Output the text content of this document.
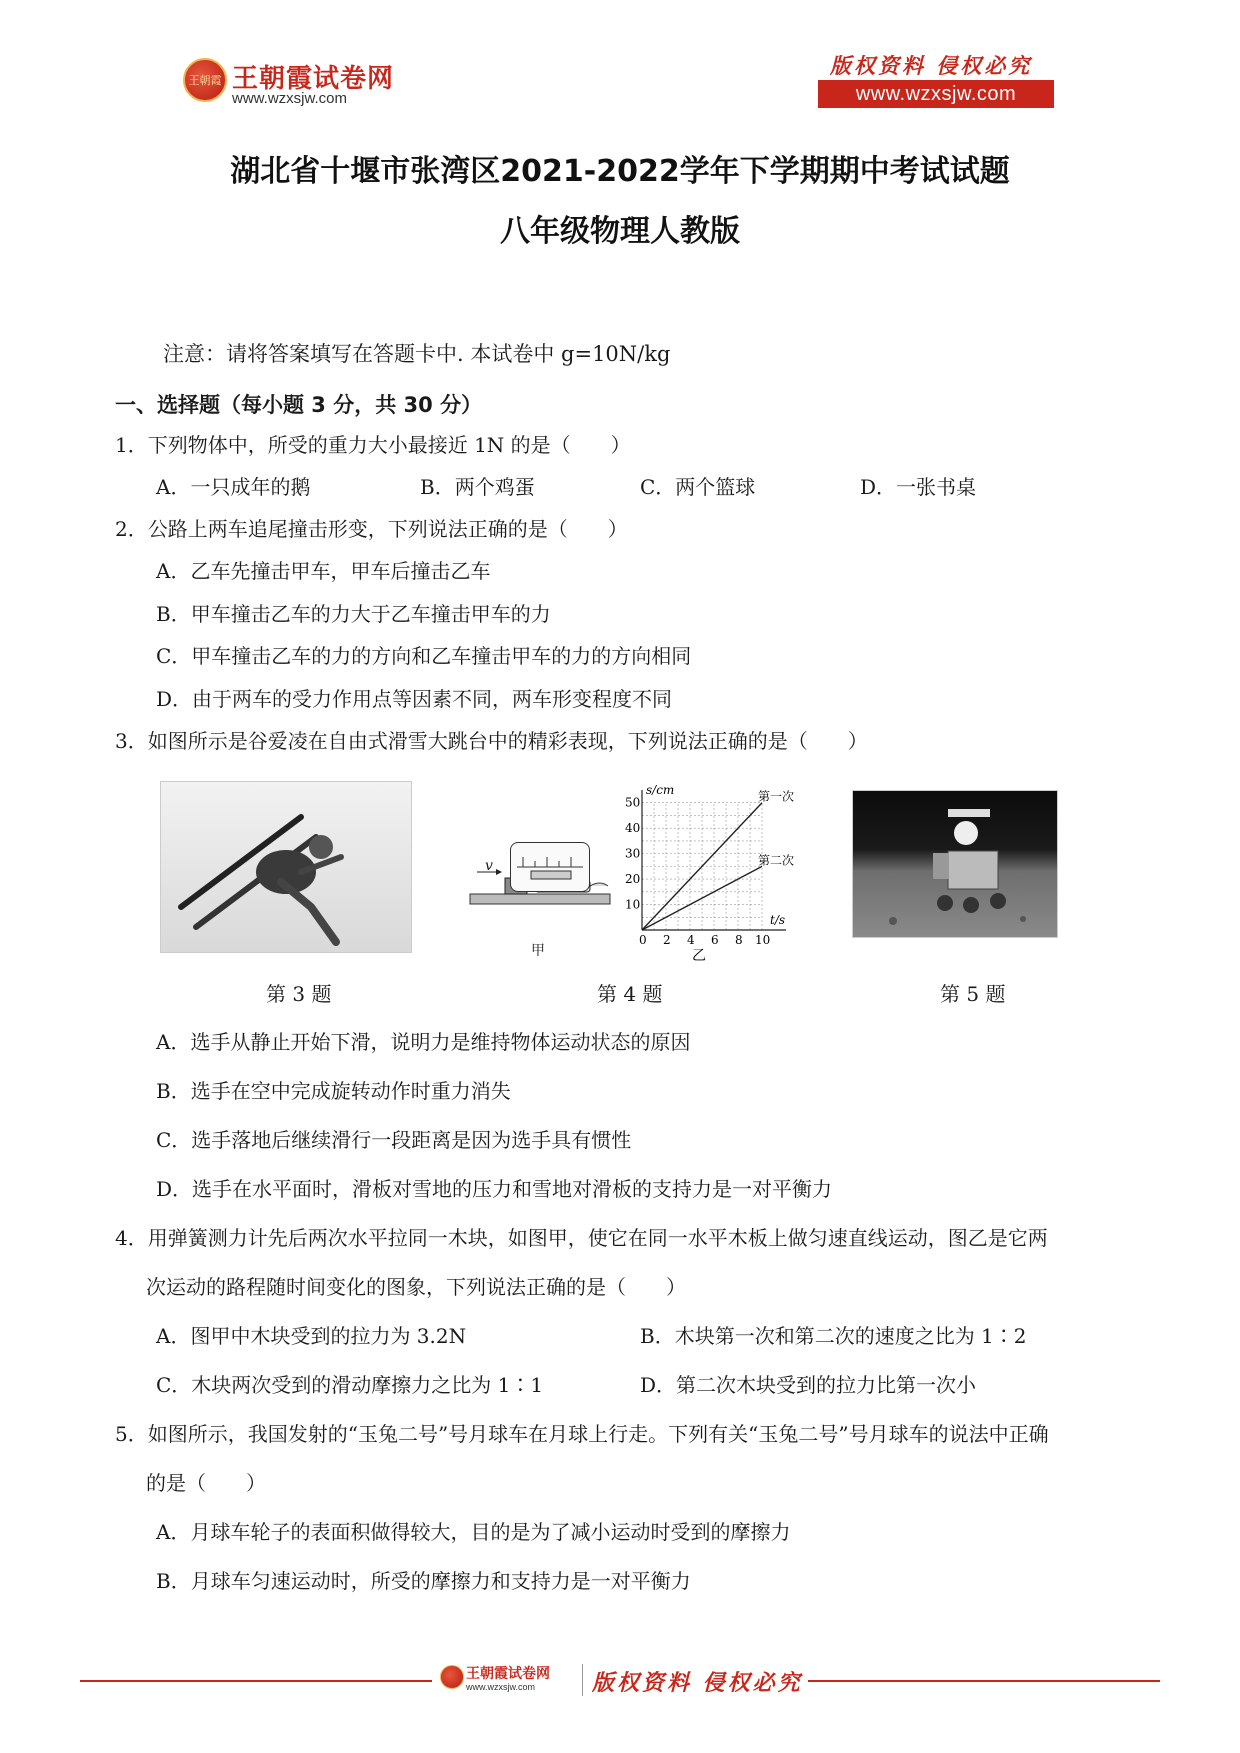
王朝霞 王朝霞试卷网
www.wzxsjw.com
版权资料 侵权必究
www.wzxsjw.com
湖北省十堰市张湾区2021-2022学年下学期期中考试试题
八年级物理人教版
注意：请将答案填写在答题卡中. 本试卷中 g=10N/kg
一、选择题（每小题 3 分，共 30 分）
1．下列物体中，所受的重力大小最接近 1N 的是（　　）
A．一只成年的鹅	B．两个鸡蛋	C．两个篮球	D．一张书桌
2．公路上两车追尾撞击形变，下列说法正确的是（　　）
A．乙车先撞击甲车，甲车后撞击乙车
B．甲车撞击乙车的力大于乙车撞击甲车的力
C．甲车撞击乙车的力的方向和乙车撞击甲车的力的方向相同
D．由于两车的受力作用点等因素不同，两车形变程度不同
3．如图所示是谷爱凌在自由式滑雪大跳台中的精彩表现，下列说法正确的是（　　）
v
甲
s/cm
t/s
0 2 4 6 8 10
10
20
30
40
50	第一次
第二次
乙
第 3 题	第 4 题	第 5 题
A．选手从静止开始下滑，说明力是维持物体运动状态的原因
B．选手在空中完成旋转动作时重力消失
C．选手落地后继续滑行一段距离是因为选手具有惯性
D．选手在水平面时，滑板对雪地的压力和雪地对滑板的支持力是一对平衡力
4．用弹簧测力计先后两次水平拉同一木块，如图甲，使它在同一水平木板上做匀速直线运动，图乙是它两
次运动的路程随时间变化的图象，下列说法正确的是（　　）
A．图甲中木块受到的拉力为 3.2N	B．木块第一次和第二次的速度之比为 1∶2
C．木块两次受到的滑动摩擦力之比为 1∶1	D．第二次木块受到的拉力比第一次小
5．如图所示，我国发射的“玉兔二号”号月球车在月球上行走。下列有关“玉兔二号”号月球车的说法中正确
的是（　　）
A．月球车轮子的表面积做得较大，目的是为了减小运动时受到的摩擦力
B．月球车匀速运动时，所受的摩擦力和支持力是一对平衡力
王朝霞试卷网
www.wzxsjw.com	版权资料 侵权必究
